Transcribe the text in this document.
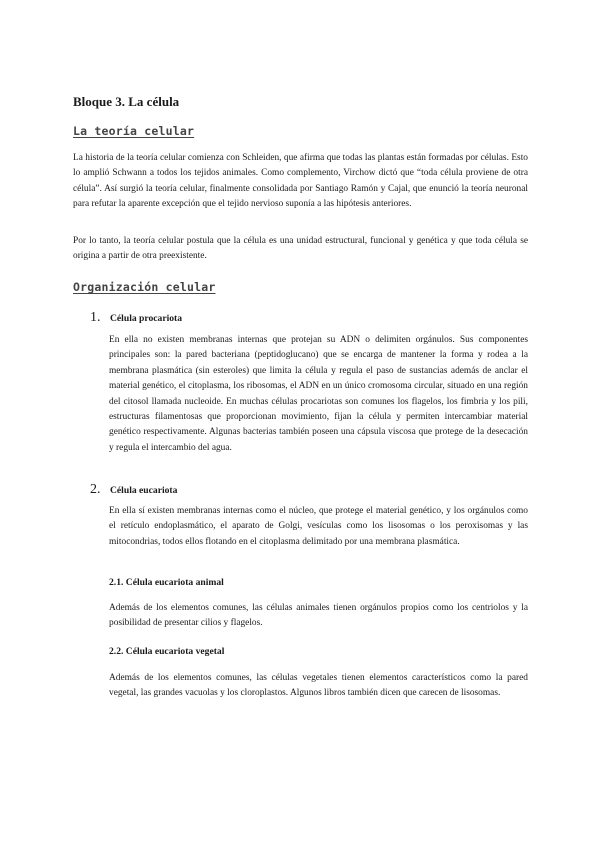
Bloque 3. La célula
La teoría celular

La historia de la teoría celular comienza con Schleiden, que afirma que todas las plantas están formadas por células. Esto lo amplió Schwann a todos los tejidos animales. Como complemento, Virchow dictó que “toda célula proviene de otra célula”. Así surgió la teoría celular, finalmente consolidada por Santiago Ramón y Cajal, que enunció la teoría neuronal para refutar la aparente excepción que el tejido nervioso suponía a las hipótesis anteriores.

Por lo tanto, la teoría celular postula que la célula es una unidad estructural, funcional y genética y que toda célula se origina a partir de otra preexistente.

Organización celular
1. Célula procariota

En ella no existen membranas internas que protejan su ADN o delimiten orgánulos. Sus componentes principales son: la pared bacteriana (peptidoglucano) que se encarga de mantener la forma y rodea a la membrana plasmática (sin esteroles) que limita la célula y regula el paso de sustancias además de anclar el material genético, el citoplasma, los ribosomas, el ADN en un único cromosoma circular, situado en una región del citosol llamada nucleoide. En muchas células procariotas son comunes los flagelos, los fimbria y los pili, estructuras filamentosas que proporcionan movimiento, fijan la célula y permiten intercambiar material genético respectivamente. Algunas bacterias también poseen una cápsula viscosa que protege de la desecación y regula el intercambio del agua.

2. Célula eucariota

En ella sí existen membranas internas como el núcleo, que protege el material genético, y los orgánulos como el retículo endoplasmático, el aparato de Golgi, vesículas como los lisosomas o los peroxisomas y las mitocondrias, todos ellos flotando en el citoplasma delimitado por una membrana plasmática.

2.1. Célula eucariota animal

Además de los elementos comunes, las células animales tienen orgánulos propios como los centriolos y la posibilidad de presentar cilios y flagelos.

2.2. Célula eucariota vegetal

Además de los elementos comunes, las células vegetales tienen elementos característicos como la pared vegetal, las grandes vacuolas y los cloroplastos. Algunos libros también dicen que carecen de lisosomas.
